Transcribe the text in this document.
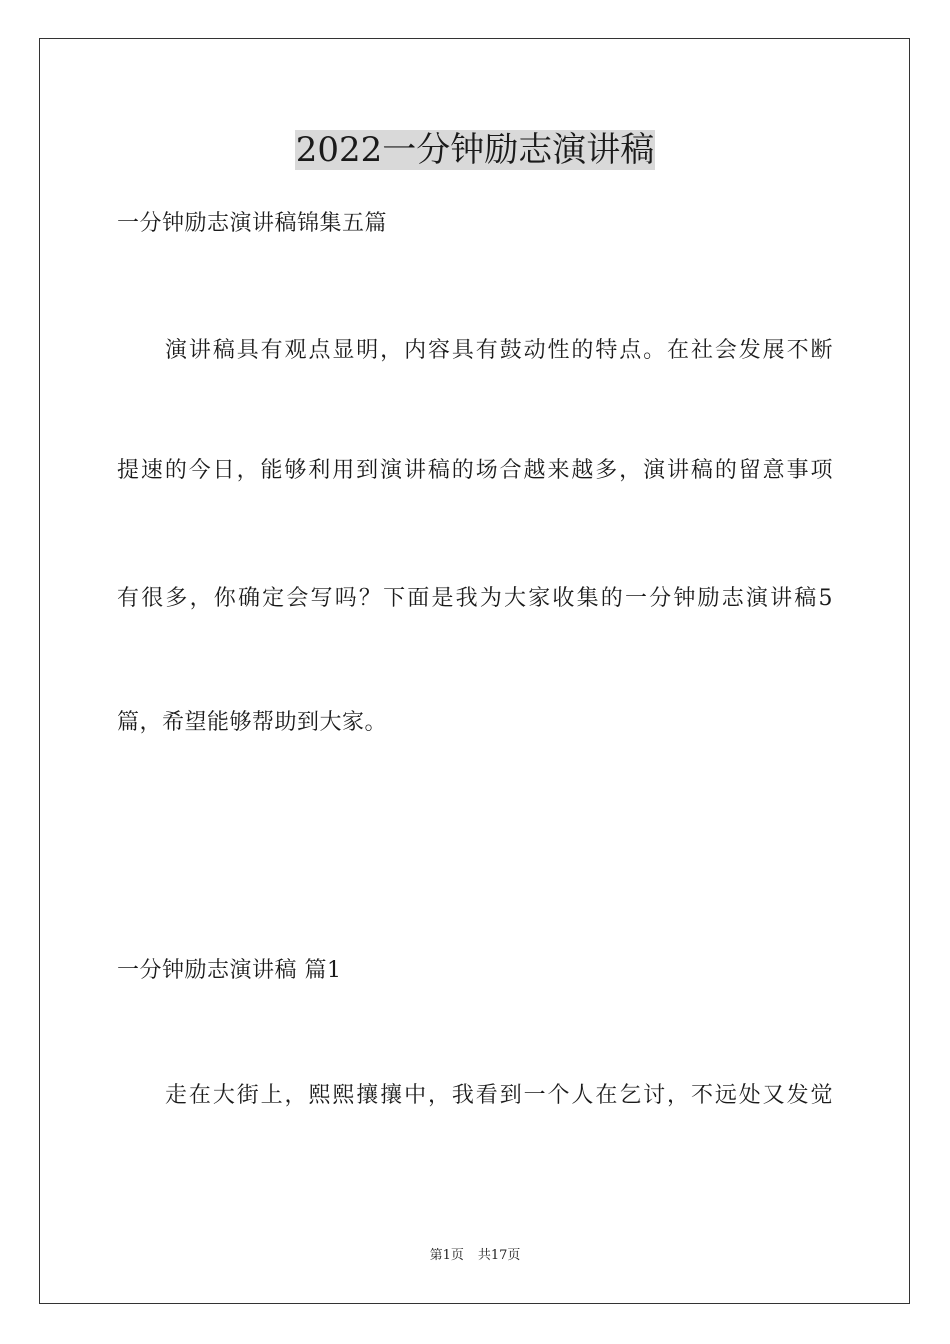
2022一分钟励志演讲稿

一分钟励志演讲稿锦集五篇

演讲稿具有观点显明，内容具有鼓动性的特点。在社会发展不断

提速的今日，能够利用到演讲稿的场合越来越多，演讲稿的留意事项

有很多，你确定会写吗？下面是我为大家收集的一分钟励志演讲稿5

篇，希望能够帮助到大家。

一分钟励志演讲稿 篇1

走在大街上，熙熙攘攘中，我看到一个人在乞讨，不远处又发觉

第1页 共17页
